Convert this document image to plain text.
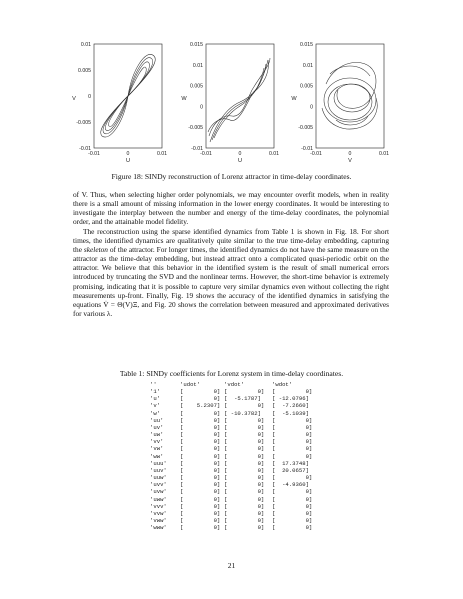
0.01
0.005
0
-0.005
-0.01
-0.01	0	0.01
V
U
0.015
0.01
0.005
0
-0.005
-0.01
-0.01	0	0.01
W
U
0.015
0.01
0.005
0
-0.005
-0.01
-0.01	0	0.01
W
V
Figure 18: SINDy reconstruction of Lorenz attractor in time-delay coordinates.

of V. Thus, when selecting higher order polynomials, we may encounter overfit models, when in reality there is a small amount of missing information in the lower energy coordinates. It would be interesting to investigate the interplay between the number and energy of the time-delay coordinates, the polynomial order, and the attainable model fidelity.

The reconstruction using the sparse identified dynamics from Table 1 is shown in Fig. 18. For short times, the identified dynamics are qualitatively quite similar to the true time-delay embedding, capturing the skeleton of the attractor. For longer times, the identified dynamics do not have the same measure on the attractor as the time-delay embedding, but instead attract onto a complicated quasi-periodic orbit on the attractor. We believe that this behavior in the identified system is the result of small numerical errors introduced by truncating the SVD and the nonlinear terms. However, the short-time behavior is extremely promising, indicating that it is possible to capture very similar dynamics even without collecting the right measurements up-front. Finally, Fig. 19 shows the accuracy of the identified dynamics in satisfying the equations V̇ = Θ(V)Ξ, and Fig. 20 shows the correlation between measured and approximated derivatives for various λ.

Table 1: SINDy coefficients for Lorenz system in time-delay coordinates.
''	'udot'	'vdot'	'wdot'
'1'	[         0] [         0]	[         0]
'u'	[         0] [  -5.1787]	[ -12.0796]
'v'	[    5.2307] [         0]	[  -7.2660]
'w'	[         0] [ -10.3782]	[  -5.1039]
'uu'	[         0] [         0]	[         0]
'uv'	[         0] [         0]	[         0]
'uw'	[         0] [         0]	[         0]
'vv'	[         0] [         0]	[         0]
'vw'	[         0] [         0]	[         0]
'ww'	[         0] [         0]	[         0]
'uuu'	[         0] [         0]	[  17.3748]
'uuv'	[         0] [         0]	[  20.0657]
'uuw'	[         0] [         0]	[         0]
'uvv'	[         0] [         0]	[  -4.9360]
'uvw'	[         0] [         0]	[         0]
'uww'	[         0] [         0]	[         0]
'vvv'	[         0] [         0]	[         0]
'vvw'	[         0] [         0]	[         0]
'vww'	[         0] [         0]	[         0]
'www'	[         0] [         0]	[         0]
21
